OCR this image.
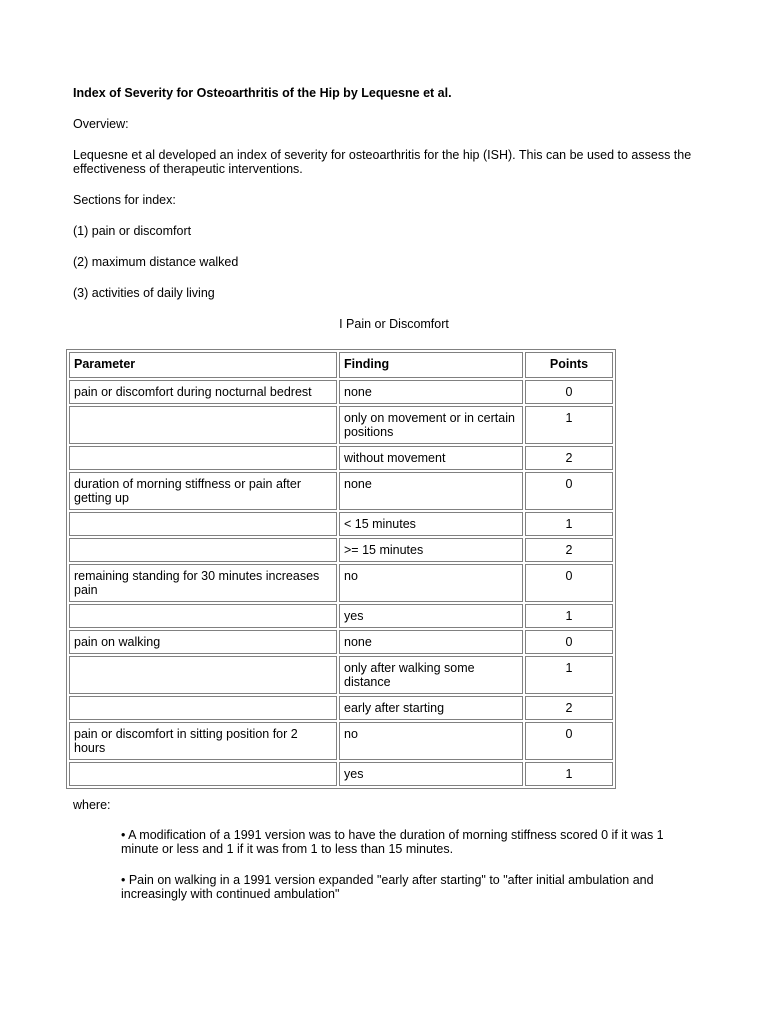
Index of Severity for Osteoarthritis of the Hip by Lequesne et al.

Overview:

Lequesne et al developed an index of severity for osteoarthritis for the hip (ISH). This can be used to assess the effectiveness of therapeutic interventions.

Sections for index:

(1) pain or discomfort

(2) maximum distance walked

(3) activities of daily living

I Pain or Discomfort

Parameter	Finding	Points
pain or discomfort during nocturnal bedrest	none	0
	only on movement or in certain positions	1
	without movement	2
duration of morning stiffness or pain after getting up	none	0
	< 15 minutes	1
	>= 15 minutes	2
remaining standing for 30 minutes increases pain	no	0
	yes	1
pain on walking	none	0
	only after walking some distance	1
	early after starting	2
pain or discomfort in sitting position for 2 hours	no	0
	yes	1

where:

• A modification of a 1991 version was to have the duration of morning stiffness scored 0 if it was 1 minute or less and 1 if it was from 1 to less than 15 minutes.

• Pain on walking in a 1991 version expanded "early after starting" to "after initial ambulation and increasingly with continued ambulation"
